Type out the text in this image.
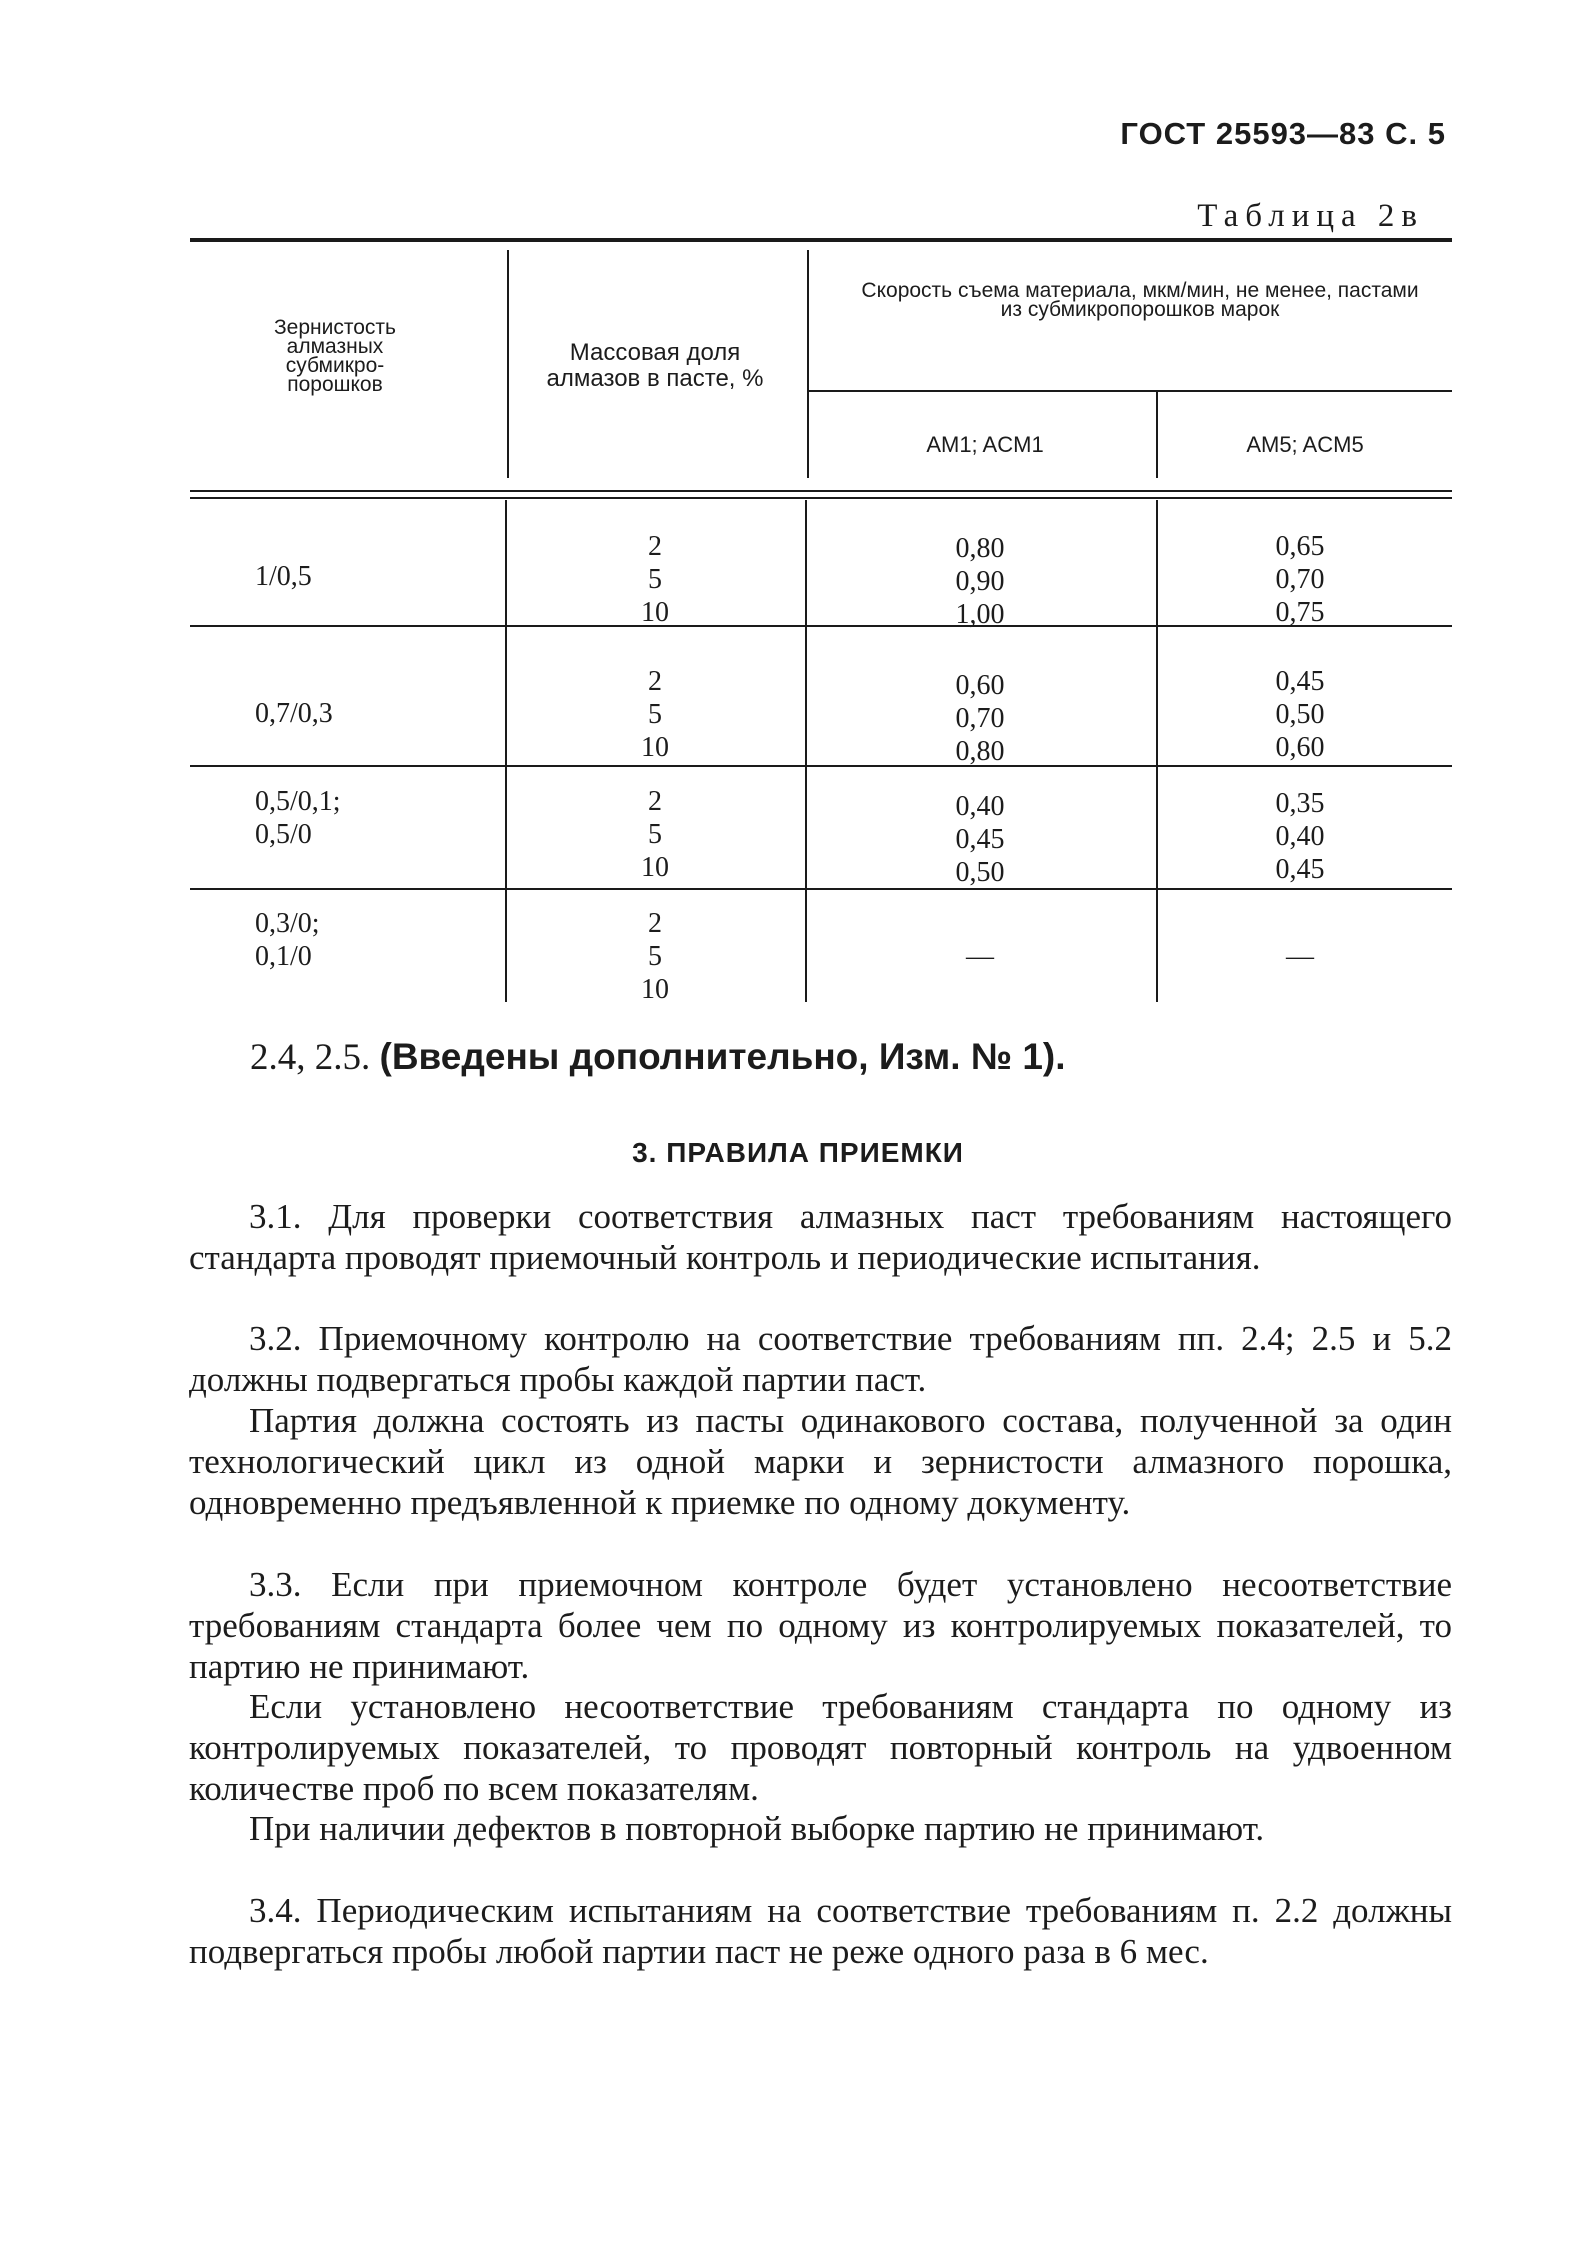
ГОСТ 25593—83 С. 5
Таблица 2в
Зернистость алмазных субмикро-порошков
Массовая доля алмазов в пасте, %
Скорость съема материала, мкм/мин, не менее, пастами из субмикропорошков марок
AM1; ACM1	AM5; ACM5
1/0,5
2
5
10
0,80
0,90
1,00
0,65
0,70
0,75
0,7/0,3
2
5
10
0,60
0,70
0,80
0,45
0,50
0,60
0,5/0,1; 0,5/0
2
5
10
0,40
0,45
0,50
0,35
0,40
0,45
0,3/0; 0,1/0
2
5
10
—	—
2.4, 2.5. (Введены дополнительно, Изм. № 1).
3. ПРАВИЛА ПРИЕМКИ
3.1. Для проверки соответствия алмазных паст требованиям настоящего стандарта проводят приемочный контроль и периодические испытания.
3.2. Приемочному контролю на соответствие требованиям пп. 2.4; 2.5 и 5.2 должны подвергаться пробы каждой партии паст.
Партия должна состоять из пасты одинакового состава, полученной за один технологический цикл из одной марки и зернистости алмазного порошка, одновременно предъявленной к приемке по одному документу.
3.3. Если при приемочном контроле будет установлено несоответствие требованиям стандарта более чем по одному из контролируемых показателей, то партию не принимают.
Если установлено несоответствие требованиям стандарта по одному из контролируемых показателей, то проводят повторный контроль на удвоенном количестве проб по всем показателям.
При наличии дефектов в повторной выборке партию не принимают.
3.4. Периодическим испытаниям на соответствие требованиям п. 2.2 должны подвергаться пробы любой партии паст не реже одного раза в 6 мес.
